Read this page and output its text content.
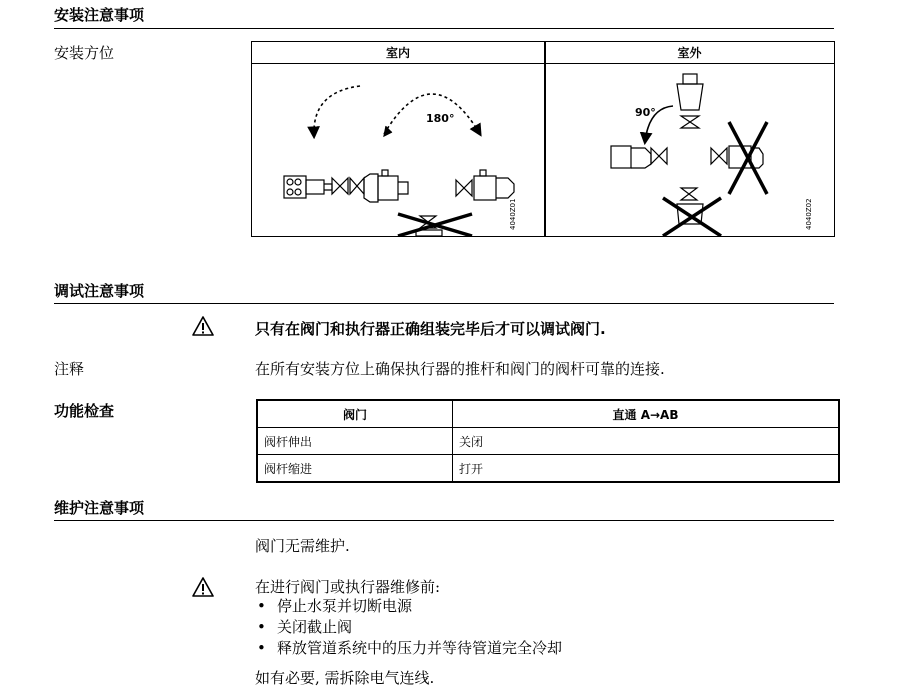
安装注意事项
安装方位	室内	室外
180°
4040Z01
90°
4040Z02
调试注意事项
只有在阀门和执行器正确组装完毕后才可以调试阀门.
注释	在所有安装方位上确保执行器的推杆和阀门的阀杆可靠的连接.
功能检查	阀门	直通 A→AB
阀杆伸出	关闭
阀杆缩进	打开
维护注意事项
阀门无需维护.
在进行阀门或执行器维修前:
• 停止水泵并切断电源
• 关闭截止阀
• 释放管道系统中的压力并等待管道完全冷却
如有必要, 需拆除电气连线.
